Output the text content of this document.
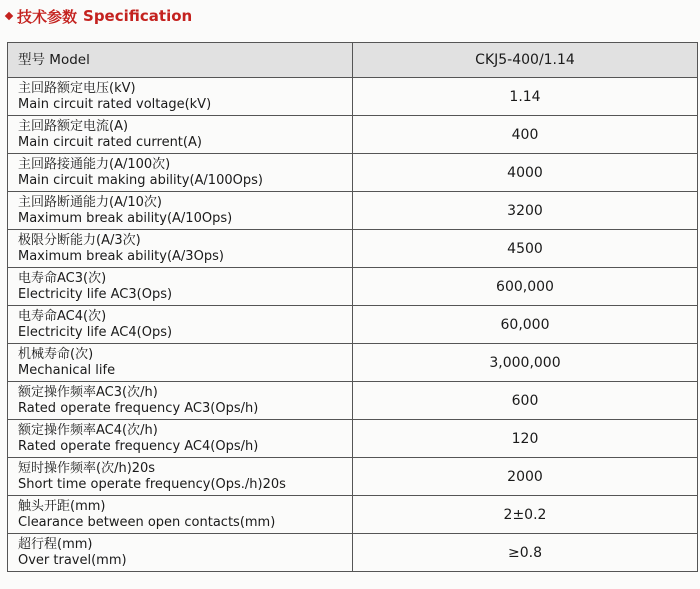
技术参数 Specification
型号 Model	CKJ5-400/1.14

主回路额定电压(kV)
Main circuit rated voltage(kV)	1.14

主回路额定电流(A)
Main circuit rated current(A)	400

主回路接通能力(A/100次)
Main circuit making ability(A/100Ops)	4000

主回路断通能力(A/10次)
Maximum break ability(A/10Ops)	3200

极限分断能力(A/3次)
Maximum break ability(A/3Ops)	4500

电寿命AC3(次)
Electricity life AC3(Ops)	600,000

电寿命AC4(次)
Electricity life AC4(Ops)	60,000

机械寿命(次)
Mechanical life	3,000,000

额定操作频率AC3(次/h)
Rated operate frequency AC3(Ops/h)	600

额定操作频率AC4(次/h)
Rated operate frequency AC4(Ops/h)	120

短时操作频率(次/h)20s
Short time operate frequency(Ops./h)20s	2000

触头开距(mm)
Clearance between open contacts(mm)	2±0.2

超行程(mm)
Over travel(mm)	≥0.8
